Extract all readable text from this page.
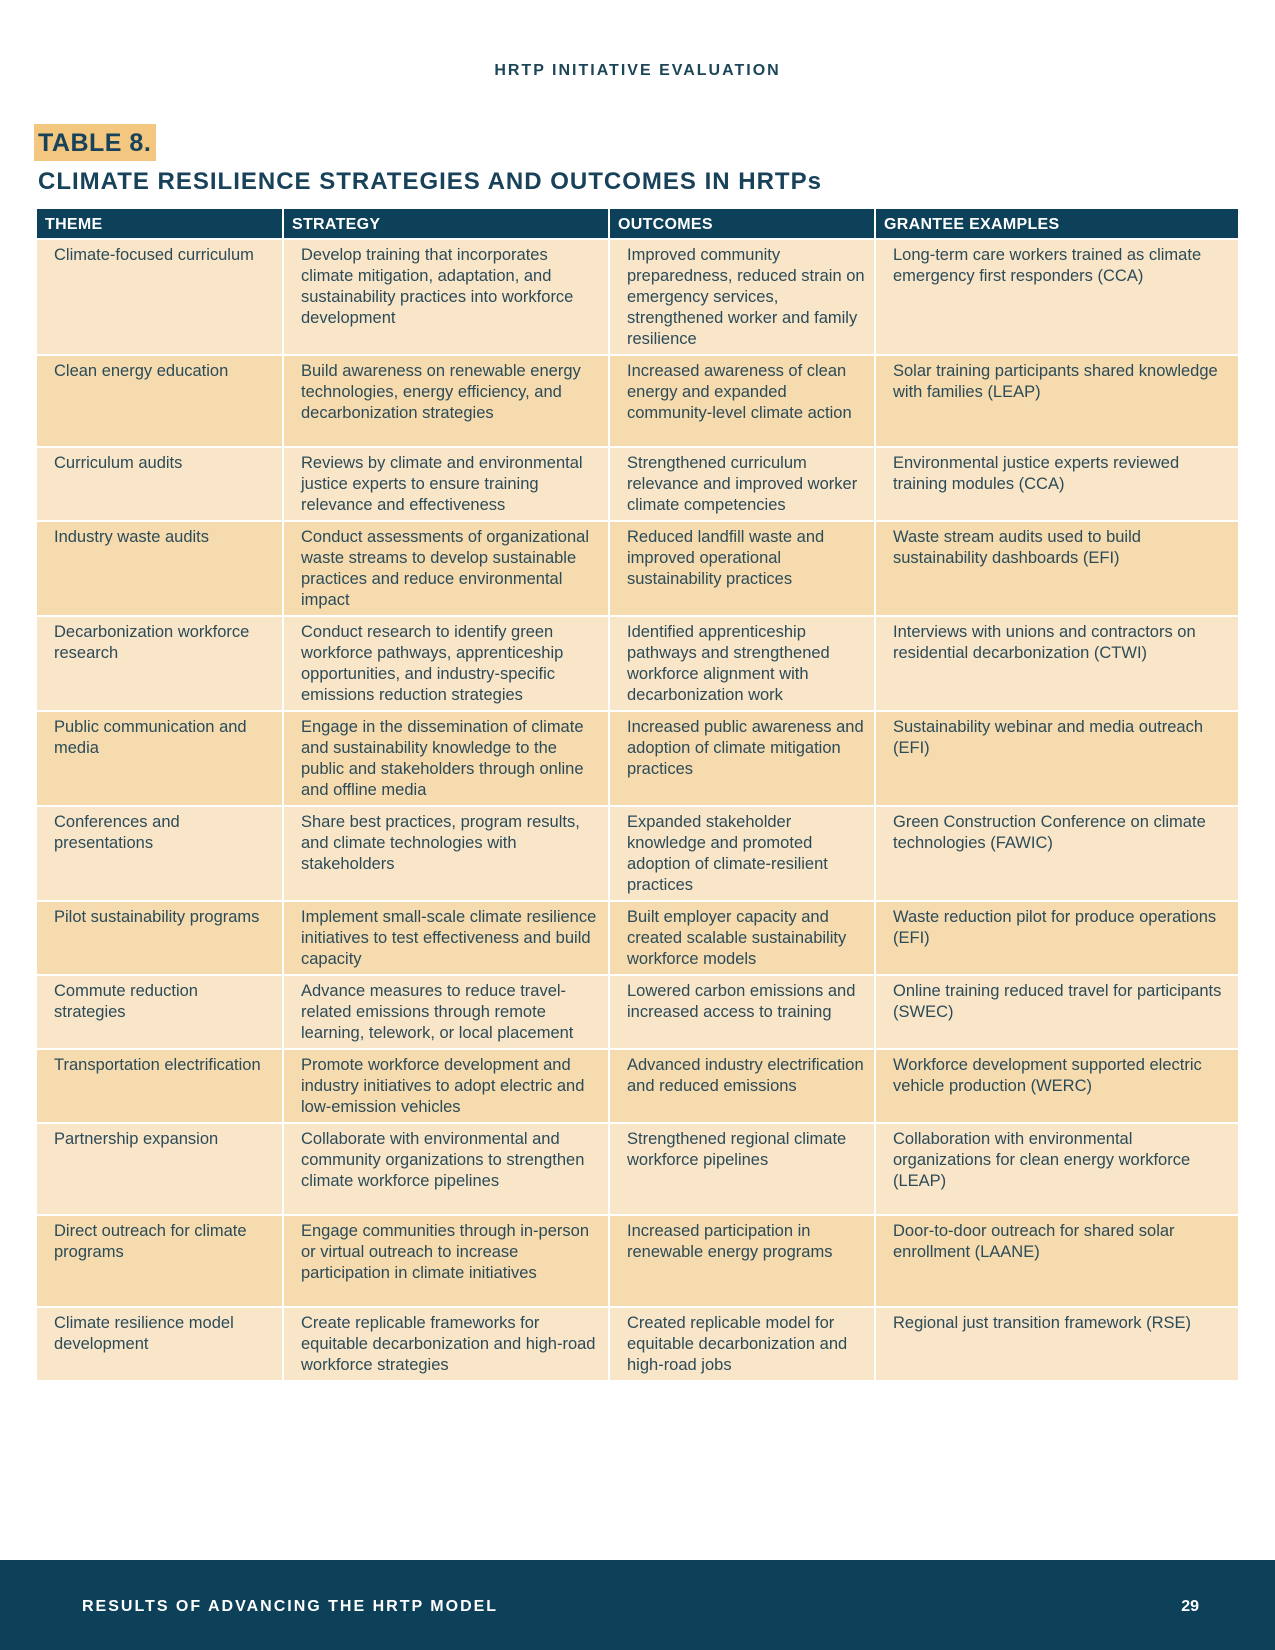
HRTP INITIATIVE EVALUATION
TABLE 8.
CLIMATE RESILIENCE STRATEGIES AND OUTCOMES IN HRTPs
THEME	STRATEGY	OUTCOMES	GRANTEE EXAMPLES
Climate-focused curriculum	Develop training that incorporates climate mitigation, adaptation, and sustainability practices into workforce development	Improved community preparedness, reduced strain on emergency services, strengthened worker and family resilience	Long-term care workers trained as climate emergency first responders (CCA)
Clean energy education	Build awareness on renewable energy technologies, energy efficiency, and decarbonization strategies	Increased awareness of clean energy and expanded community-level climate action	Solar training participants shared knowledge with families (LEAP)
Curriculum audits	Reviews by climate and environmental justice experts to ensure training relevance and effectiveness	Strengthened curriculum relevance and improved worker climate competencies	Environmental justice experts reviewed training modules (CCA)
Industry waste audits	Conduct assessments of organizational waste streams to develop sustainable practices and reduce environmental impact	Reduced landfill waste and improved operational sustainability practices	Waste stream audits used to build sustainability dashboards (EFI)
Decarbonization workforce research	Conduct research to identify green workforce pathways, apprenticeship opportunities, and industry-specific emissions reduction strategies	Identified apprenticeship pathways and strengthened workforce alignment with decarbonization work	Interviews with unions and contractors on residential decarbonization (CTWI)
Public communication and media	Engage in the dissemination of climate and sustainability knowledge to the public and stakeholders through online and offline media	Increased public awareness and adoption of climate mitigation practices	Sustainability webinar and media outreach (EFI)
Conferences and presentations	Share best practices, program results, and climate technologies with stakeholders	Expanded stakeholder knowledge and promoted adoption of climate-resilient practices	Green Construction Conference on climate technologies (FAWIC)
Pilot sustainability programs	Implement small-scale climate resilience initiatives to test effectiveness and build capacity	Built employer capacity and created scalable sustainability workforce models	Waste reduction pilot for produce operations (EFI)
Commute reduction strategies	Advance measures to reduce travel-related emissions through remote learning, telework, or local placement	Lowered carbon emissions and increased access to training	Online training reduced travel for participants (SWEC)
Transportation electrification	Promote workforce development and industry initiatives to adopt electric and low-emission vehicles	Advanced industry electrification and reduced emissions	Workforce development supported electric vehicle production (WERC)
Partnership expansion	Collaborate with environmental and community organizations to strengthen climate workforce pipelines	Strengthened regional climate workforce pipelines	Collaboration with environmental organizations for clean energy workforce (LEAP)
Direct outreach for climate programs	Engage communities through in-person or virtual outreach to increase participation in climate initiatives	Increased participation in renewable energy programs	Door-to-door outreach for shared solar enrollment (LAANE)
Climate resilience model development	Create replicable frameworks for equitable decarbonization and high-road workforce strategies	Created replicable model for equitable decarbonization and high-road jobs	Regional just transition framework (RSE)
RESULTS OF ADVANCING THE HRTP MODEL	29
